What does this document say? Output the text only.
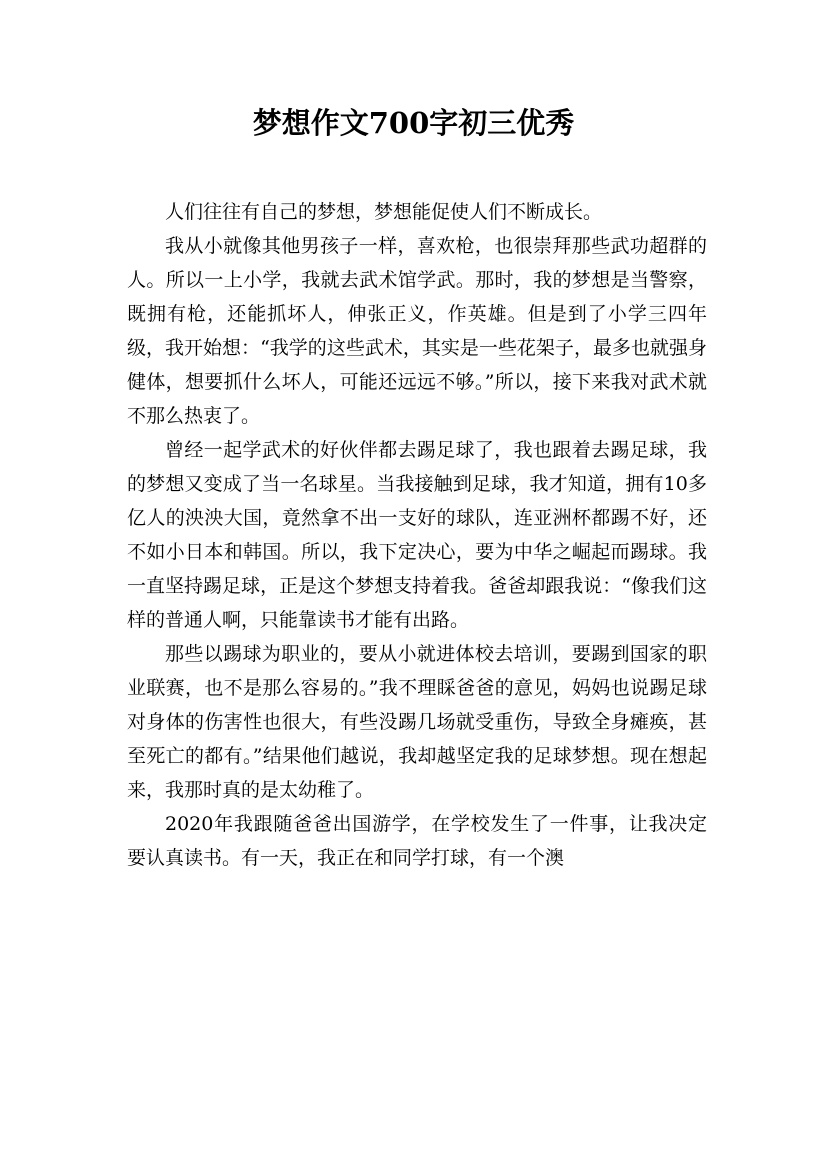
梦想作文700字初三优秀

人们往往有自己的梦想，梦想能促使人们不断成长。

我从小就像其他男孩子一样，喜欢枪，也很崇拜那些武功超群的人。所以一上小学，我就去武术馆学武。那时，我的梦想是当警察，既拥有枪，还能抓坏人，伸张正义，作英雄。但是到了小学三四年级，我开始想：“我学的这些武术，其实是一些花架子，最多也就强身健体，想要抓什么坏人，可能还远远不够。”所以，接下来我对武术就不那么热衷了。

曾经一起学武术的好伙伴都去踢足球了，我也跟着去踢足球，我的梦想又变成了当一名球星。当我接触到足球，我才知道，拥有10多亿人的泱泱大国，竟然拿不出一支好的球队，连亚洲杯都踢不好，还不如小日本和韩国。所以，我下定决心，要为中华之崛起而踢球。我一直坚持踢足球，正是这个梦想支持着我。爸爸却跟我说：“像我们这样的普通人啊，只能靠读书才能有出路。

那些以踢球为职业的，要从小就进体校去培训，要踢到国家的职业联赛，也不是那么容易的。”我不理睬爸爸的意见，妈妈也说踢足球对身体的伤害性也很大，有些没踢几场就受重伤，导致全身瘫痪，甚至死亡的都有。”结果他们越说，我却越坚定我的足球梦想。现在想起来，我那时真的是太幼稚了。

2020年我跟随爸爸出国游学，在学校发生了一件事，让我决定要认真读书。有一天，我正在和同学打球，有一个澳
